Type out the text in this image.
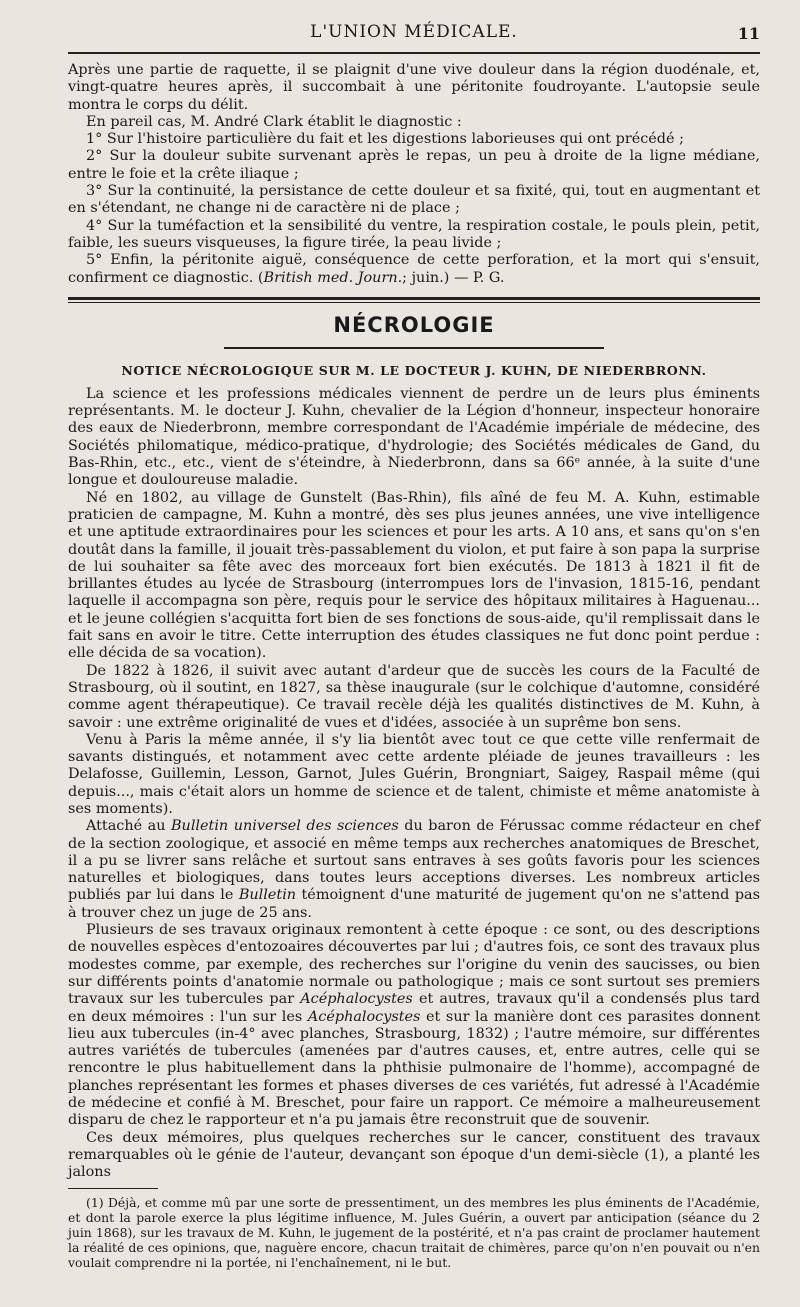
L'UNION MÉDICALE.	11

Après une partie de raquette, il se plaignit d'une vive douleur dans la région duodénale, et, vingt-quatre heures après, il succombait à une péritonite foudroyante. L'autopsie seule montra le corps du délit.

En pareil cas, M. André Clark établit le diagnostic :

1° Sur l'histoire particulière du fait et les digestions laborieuses qui ont précédé ;

2° Sur la douleur subite survenant après le repas, un peu à droite de la ligne médiane, entre le foie et la crête iliaque ;

3° Sur la continuité, la persistance de cette douleur et sa fixité, qui, tout en augmentant et en s'étendant, ne change ni de caractère ni de place ;

4° Sur la tuméfaction et la sensibilité du ventre, la respiration costale, le pouls plein, petit, faible, les sueurs visqueuses, la figure tirée, la peau livide ;

5° Enfin, la péritonite aiguë, conséquence de cette perforation, et la mort qui s'ensuit, confirment ce diagnostic. (British med. Journ.; juin.) — P. G.

NÉCROLOGIE
NOTICE NÉCROLOGIQUE SUR M. LE DOCTEUR J. KUHN, DE NIEDERBRONN.

La science et les professions médicales viennent de perdre un de leurs plus éminents représentants. M. le docteur J. Kuhn, chevalier de la Légion d'honneur, inspecteur honoraire des eaux de Niederbronn, membre correspondant de l'Académie impériale de médecine, des Sociétés philomatique, médico-pratique, d'hydrologie; des Sociétés médicales de Gand, du Bas-Rhin, etc., etc., vient de s'éteindre, à Niederbronn, dans sa 66ᵉ année, à la suite d'une longue et douloureuse maladie.

Né en 1802, au village de Gunstelt (Bas-Rhin), fils aîné de feu M. A. Kuhn, estimable praticien de campagne, M. Kuhn a montré, dès ses plus jeunes années, une vive intelligence et une aptitude extraordinaires pour les sciences et pour les arts. A 10 ans, et sans qu'on s'en doutât dans la famille, il jouait très-passablement du violon, et put faire à son papa la surprise de lui souhaiter sa fête avec des morceaux fort bien exécutés. De 1813 à 1821 il fit de brillantes études au lycée de Strasbourg (interrompues lors de l'invasion, 1815-16, pendant laquelle il accompagna son père, requis pour le service des hôpitaux militaires à Haguenau... et le jeune collégien s'acquitta fort bien de ses fonctions de sous-aide, qu'il remplissait dans le fait sans en avoir le titre. Cette interruption des études classiques ne fut donc point perdue : elle décida de sa vocation).

De 1822 à 1826, il suivit avec autant d'ardeur que de succès les cours de la Faculté de Strasbourg, où il soutint, en 1827, sa thèse inaugurale (sur le colchique d'automne, considéré comme agent thérapeutique). Ce travail recèle déjà les qualités distinctives de M. Kuhn, à savoir : une extrême originalité de vues et d'idées, associée à un suprême bon sens.

Venu à Paris la même année, il s'y lia bientôt avec tout ce que cette ville renfermait de savants distingués, et notamment avec cette ardente pléiade de jeunes travailleurs : les Delafosse, Guillemin, Lesson, Garnot, Jules Guérin, Brongniart, Saigey, Raspail même (qui depuis..., mais c'était alors un homme de science et de talent, chimiste et même anatomiste à ses moments).

Attaché au Bulletin universel des sciences du baron de Férussac comme rédacteur en chef de la section zoologique, et associé en même temps aux recherches anatomiques de Breschet, il a pu se livrer sans relâche et surtout sans entraves à ses goûts favoris pour les sciences naturelles et biologiques, dans toutes leurs acceptions diverses. Les nombreux articles publiés par lui dans le Bulletin témoignent d'une maturité de jugement qu'on ne s'attend pas à trouver chez un juge de 25 ans.

Plusieurs de ses travaux originaux remontent à cette époque : ce sont, ou des descriptions de nouvelles espèces d'entozoaires découvertes par lui ; d'autres fois, ce sont des travaux plus modestes comme, par exemple, des recherches sur l'origine du venin des saucisses, ou bien sur différents points d'anatomie normale ou pathologique ; mais ce sont surtout ses premiers travaux sur les tubercules par Acéphalocystes et autres, travaux qu'il a condensés plus tard en deux mémoires : l'un sur les Acéphalocystes et sur la manière dont ces parasites donnent lieu aux tubercules (in-4° avec planches, Strasbourg, 1832) ; l'autre mémoire, sur différentes autres variétés de tubercules (amenées par d'autres causes, et, entre autres, celle qui se rencontre le plus habituellement dans la phthisie pulmonaire de l'homme), accompagné de planches représentant les formes et phases diverses de ces variétés, fut adressé à l'Académie de médecine et confié à M. Breschet, pour faire un rapport. Ce mémoire a malheureusement disparu de chez le rapporteur et n'a pu jamais être reconstruit que de souvenir.

Ces deux mémoires, plus quelques recherches sur le cancer, constituent des travaux remarquables où le génie de l'auteur, devançant son époque d'un demi-siècle (1), a planté les jalons

(1) Déjà, et comme mû par une sorte de pressentiment, un des membres les plus éminents de l'Académie, et dont la parole exerce la plus légitime influence, M. Jules Guérin, a ouvert par anticipation (séance du 2 juin 1868), sur les travaux de M. Kuhn, le jugement de la postérité, et n'a pas craint de proclamer hautement la réalité de ces opinions, que, naguère encore, chacun traitait de chimères, parce qu'on n'en pouvait ou n'en voulait comprendre ni la portée, ni l'enchaînement, ni le but.
